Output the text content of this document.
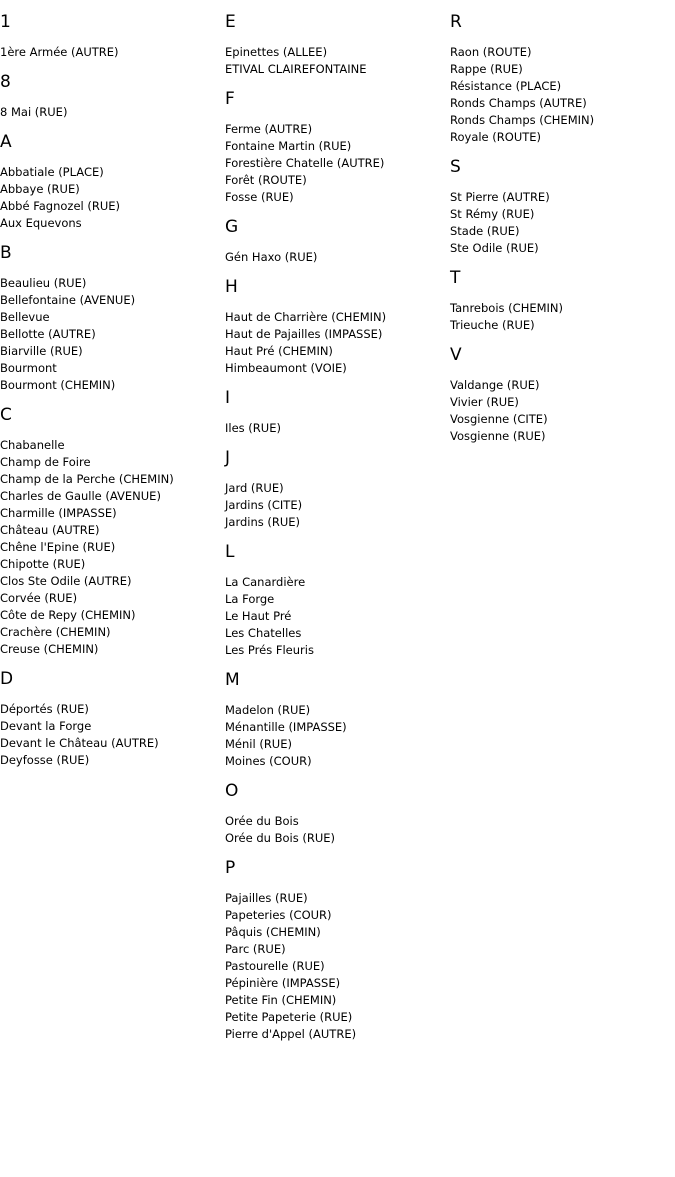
1
1ère Armée (AUTRE)
8
8 Mai (RUE)
A
Abbatiale (PLACE)
Abbaye (RUE)
Abbé Fagnozel (RUE)
Aux Equevons
B
Beaulieu (RUE)
Bellefontaine (AVENUE)
Bellevue
Bellotte (AUTRE)
Biarville (RUE)
Bourmont
Bourmont (CHEMIN)
C
Chabanelle
Champ de Foire
Champ de la Perche (CHEMIN)
Charles de Gaulle (AVENUE)
Charmille (IMPASSE)
Château (AUTRE)
Chêne l'Epine (RUE)
Chipotte (RUE)
Clos Ste Odile (AUTRE)
Corvée (RUE)
Côte de Repy (CHEMIN)
Crachère (CHEMIN)
Creuse (CHEMIN)
D
Déportés (RUE)
Devant la Forge
Devant le Château (AUTRE)
Deyfosse (RUE)
E
Epinettes (ALLEE)
ETIVAL CLAIREFONTAINE
F
Ferme (AUTRE)
Fontaine Martin (RUE)
Forestière Chatelle (AUTRE)
Forêt (ROUTE)
Fosse (RUE)
G
Gén Haxo (RUE)
H
Haut de Charrière (CHEMIN)
Haut de Pajailles (IMPASSE)
Haut Pré (CHEMIN)
Himbeaumont (VOIE)
I
Iles (RUE)
J
Jard (RUE)
Jardins (CITE)
Jardins (RUE)
L
La Canardière
La Forge
Le Haut Pré
Les Chatelles
Les Prés Fleuris
M
Madelon (RUE)
Ménantille (IMPASSE)
Ménil (RUE)
Moines (COUR)
O
Orée du Bois
Orée du Bois (RUE)
P
Pajailles (RUE)
Papeteries (COUR)
Pâquis (CHEMIN)
Parc (RUE)
Pastourelle (RUE)
Pépinière (IMPASSE)
Petite Fin (CHEMIN)
Petite Papeterie (RUE)
Pierre d'Appel (AUTRE)
R
Raon (ROUTE)
Rappe (RUE)
Résistance (PLACE)
Ronds Champs (AUTRE)
Ronds Champs (CHEMIN)
Royale (ROUTE)
S
St Pierre (AUTRE)
St Rémy (RUE)
Stade (RUE)
Ste Odile (RUE)
T
Tanrebois (CHEMIN)
Trieuche (RUE)
V
Valdange (RUE)
Vivier (RUE)
Vosgienne (CITE)
Vosgienne (RUE)
